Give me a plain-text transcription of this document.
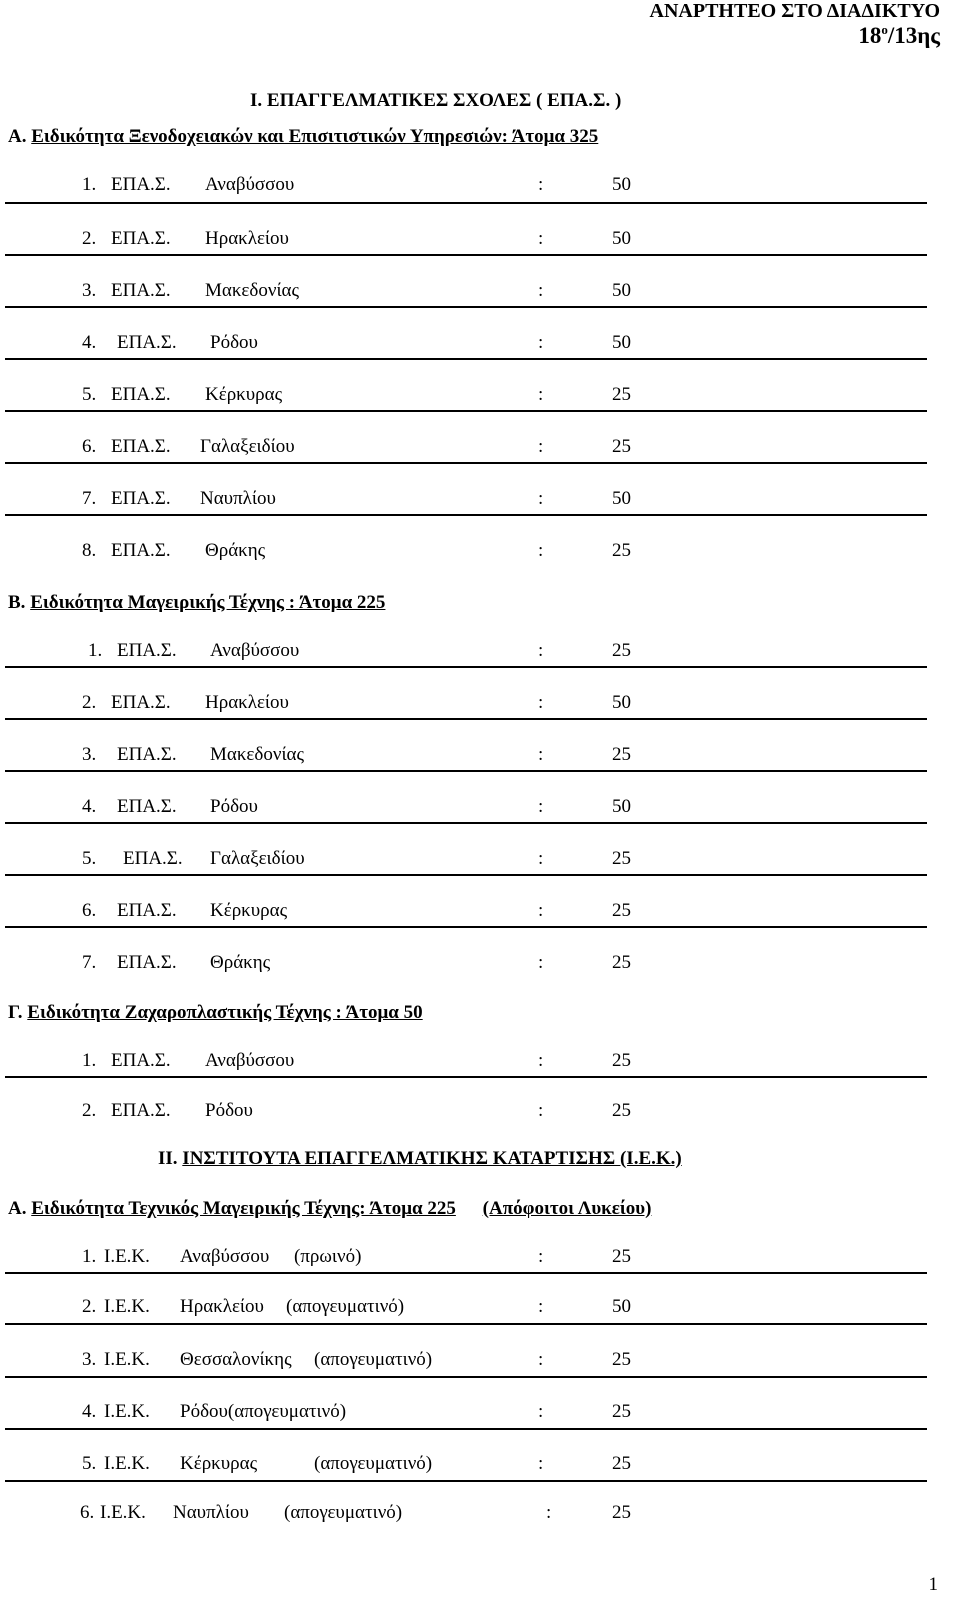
ΑΝΑΡΤΗΤΕΟ ΣΤΟ ΔΙΑΔΙΚΤΥΟ
$18^o/13\eta\varsigma$
Ι. ΕΠΑΓΓΕΛΜΑΤΙΚΕΣ ΣΧΟΛΕΣ ( ΕΠΑ.Σ. )
Α. Ειδικότητα Ξενοδοχειακών και Επισιτιστικών Υπηρεσιών: Άτομα 325
1. ΕΠΑ.Σ. Αναβύσσου	:	50
2. ΕΠΑ.Σ. Ηρακλείου	:	50
3. ΕΠΑ.Σ. Μακεδονίας	:	50
4. ΕΠΑ.Σ. Ρόδου	:	50
5. ΕΠΑ.Σ. Κέρκυρας	:	25
6. ΕΠΑ.Σ. Γαλαξειδίου	:	25
7. ΕΠΑ.Σ. Ναυπλίου	:	50
8. ΕΠΑ.Σ. Θράκης	:	25
Β. Ειδικότητα Μαγειρικής Τέχνης : Άτομα 225
1. ΕΠΑ.Σ. Αναβύσσου	:	25
2. ΕΠΑ.Σ. Ηρακλείου	:	50
3. ΕΠΑ.Σ. Μακεδονίας	:	25
4. ΕΠΑ.Σ. Ρόδου	:	50
5. ΕΠΑ.Σ. Γαλαξειδίου	:	25
6. ΕΠΑ.Σ. Κέρκυρας	:	25
7. ΕΠΑ.Σ. Θράκης	:	25
Γ. Ειδικότητα Ζαχαροπλαστικής Τέχνης : Άτομα 50
1. ΕΠΑ.Σ. Αναβύσσου	:	25
2. ΕΠΑ.Σ. Ρόδου	:	25
ΙΙ. ΙΝΣΤΙΤΟΥΤΑ ΕΠΑΓΓΕΛΜΑΤΙΚΗΣ ΚΑΤΑΡΤΙΣΗΣ (Ι.Ε.Κ.)
Α. Ειδικότητα Τεχνικός Μαγειρικής Τέχνης: Άτομα 225 (Απόφοιτοι Λυκείου)
1. Ι.Ε.Κ. Αναβύσσου (πρωινό)	:	25
2. Ι.Ε.Κ. Ηρακλείου (απογευματινό)	:	50
3. Ι.Ε.Κ. Θεσσαλονίκης (απογευματινό)	:	25
4. Ι.Ε.Κ. Ρόδου(απογευματινό)	:	25
5. Ι.Ε.Κ. Κέρκυρας	(απογευματινό)	:	25
6. Ι.Ε.Κ. Ναυπλίου (απογευματινό)	:	25
1
